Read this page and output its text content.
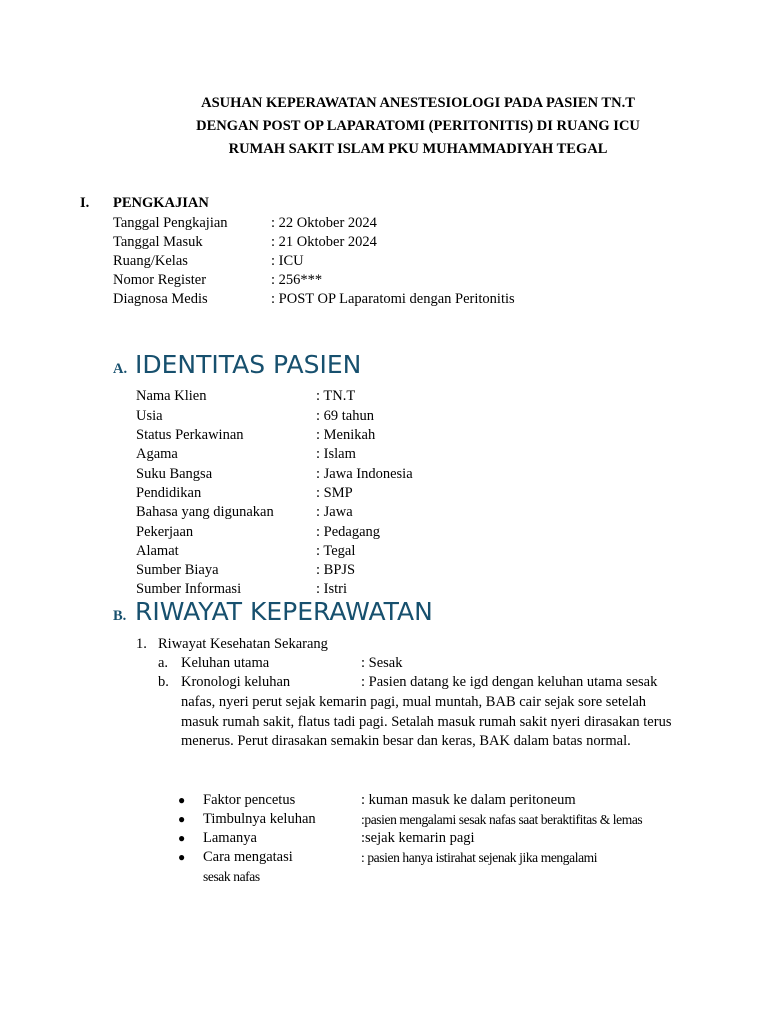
ASUHAN KEPERAWATAN ANESTESIOLOGI PADA PASIEN TN.T
DENGAN POST OP LAPARATOMI (PERITONITIS) DI RUANG ICU
RUMAH SAKIT ISLAM PKU MUHAMMADIYAH TEGAL
I. PENGKAJIAN
Tanggal Pengkajian	: 22 Oktober 2024
Tanggal Masuk	: 21 Oktober 2024
Ruang/Kelas	: ICU
Nomor Register	: 256***
Diagnosa Medis	: POST OP Laparatomi dengan Peritonitis
A. IDENTITAS PASIEN
Nama Klien	: TN.T
Usia	: 69 tahun
Status Perkawinan	: Menikah
Agama	: Islam
Suku Bangsa	: Jawa Indonesia
Pendidikan	: SMP
Bahasa yang digunakan	: Jawa
Pekerjaan	: Pedagang
Alamat	: Tegal
Sumber Biaya	: BPJS
Sumber Informasi	: Istri
B. RIWAYAT KEPERAWATAN
1. Riwayat Kesehatan Sekarang
a. Keluhan utama	: Sesak
b. Kronologi keluhan	: Pasien datang ke igd dengan keluhan utama sesak
nafas, nyeri perut sejak kemarin pagi, mual muntah, BAB cair sejak sore setelah masuk rumah sakit, flatus tadi pagi. Setalah masuk rumah sakit nyeri dirasakan terus menerus. Perut dirasakan semakin besar dan keras, BAK dalam batas normal.
● Faktor pencetus	: kuman masuk ke dalam peritoneum
● Timbulnya keluhan	:pasien mengalami sesak nafas saat beraktifitas & lemas
● Lamanya	:sejak kemarin pagi
● Cara mengatasi	: pasien hanya istirahat sejenak jika mengalami
sesak nafas
